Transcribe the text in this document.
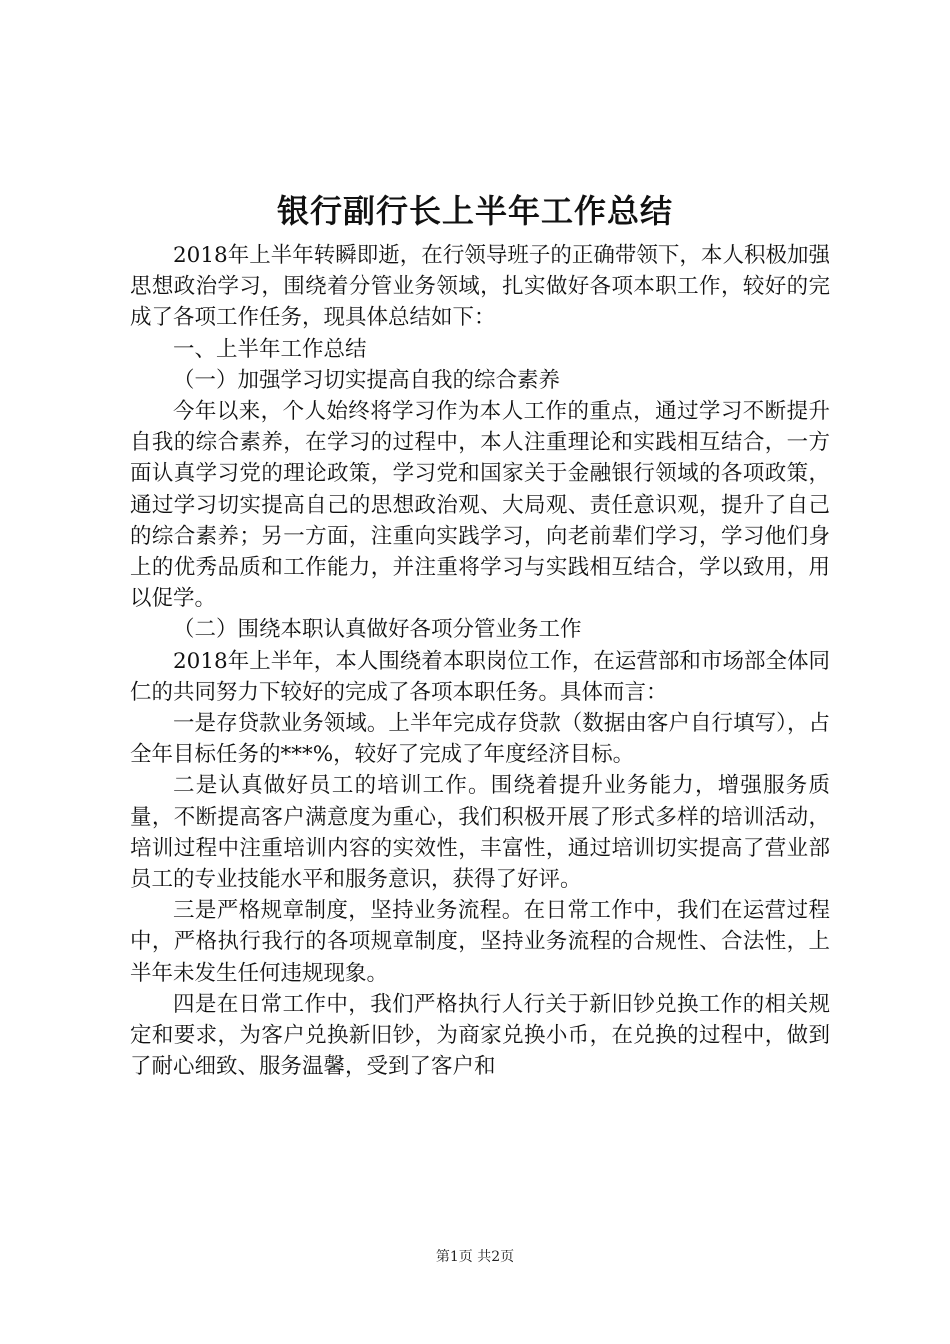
银行副行长上半年工作总结

2018年上半年转瞬即逝，在行领导班子的正确带领下，本人积极加强思想政治学习，围绕着分管业务领域，扎实做好各项本职工作，较好的完成了各项工作任务，现具体总结如下：

一、上半年工作总结

（一）加强学习切实提高自我的综合素养

今年以来，个人始终将学习作为本人工作的重点，通过学习不断提升自我的综合素养，在学习的过程中，本人注重理论和实践相互结合，一方面认真学习党的理论政策，学习党和国家关于金融银行领域的各项政策，通过学习切实提高自己的思想政治观、大局观、责任意识观，提升了自己的综合素养；另一方面，注重向实践学习，向老前辈们学习，学习他们身上的优秀品质和工作能力，并注重将学习与实践相互结合，学以致用，用以促学。

（二）围绕本职认真做好各项分管业务工作

2018年上半年，本人围绕着本职岗位工作，在运营部和市场部全体同仁的共同努力下较好的完成了各项本职任务。具体而言：

一是存贷款业务领域。上半年完成存贷款（数据由客户自行填写），占全年目标任务的***%，较好了完成了年度经济目标。

二是认真做好员工的培训工作。围绕着提升业务能力，增强服务质量，不断提高客户满意度为重心，我们积极开展了形式多样的培训活动，培训过程中注重培训内容的实效性，丰富性，通过培训切实提高了营业部员工的专业技能水平和服务意识，获得了好评。

三是严格规章制度，坚持业务流程。在日常工作中，我们在运营过程中，严格执行我行的各项规章制度，坚持业务流程的合规性、合法性，上半年未发生任何违规现象。

四是在日常工作中，我们严格执行人行关于新旧钞兑换工作的相关规定和要求，为客户兑换新旧钞，为商家兑换小币，在兑换的过程中，做到了耐心细致、服务温馨，受到了客户和

第1页 共2页
